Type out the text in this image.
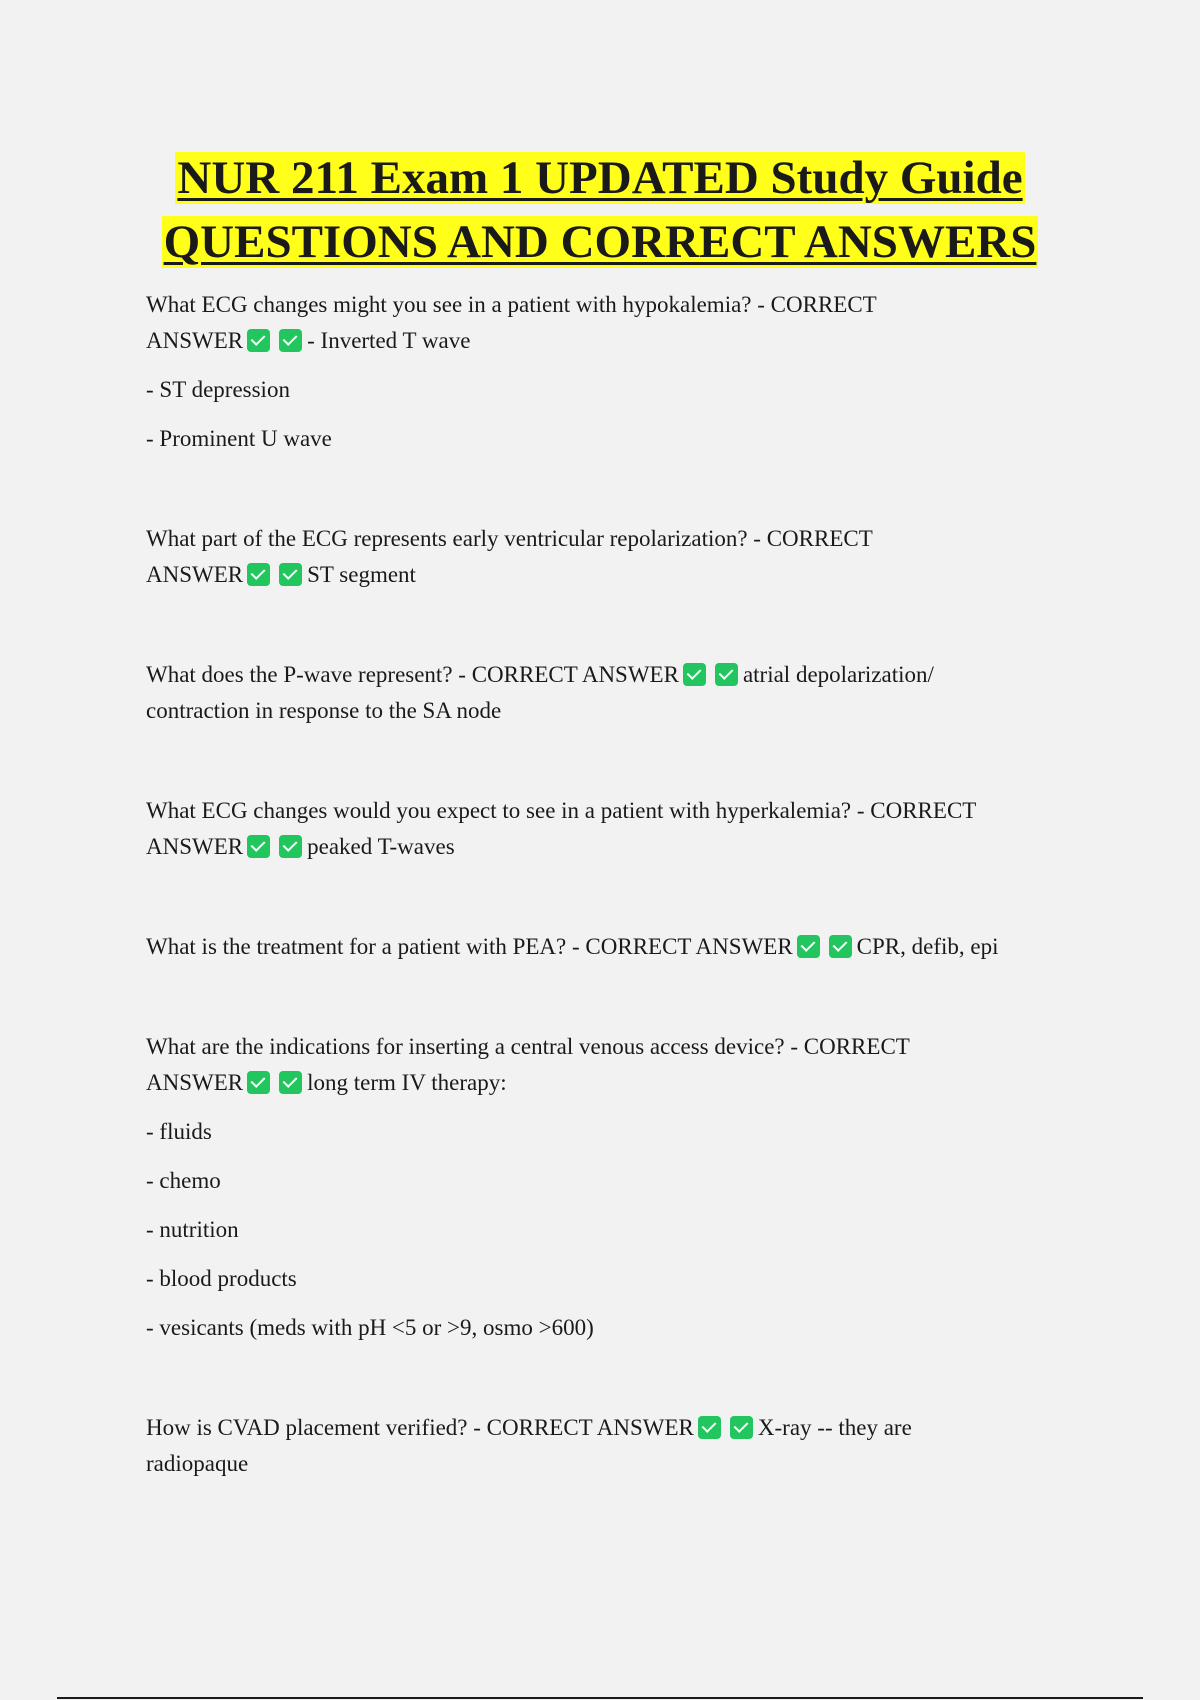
NUR 211 Exam 1 UPDATED Study Guide
QUESTIONS AND CORRECT ANSWERS

What ECG changes might you see in a patient with hypokalemia? - CORRECT
ANSWER	- Inverted T wave

- ST depression

- Prominent U wave

What part of the ECG represents early ventricular repolarization? - CORRECT
ANSWER	ST segment

What does the P-wave represent? - CORRECT ANSWER	atrial depolarization/
contraction in response to the SA node

What ECG changes would you expect to see in a patient with hyperkalemia? - CORRECT
ANSWER	peaked T-waves

What is the treatment for a patient with PEA? - CORRECT ANSWER	CPR, defib, epi

What are the indications for inserting a central venous access device? - CORRECT
ANSWER	long term IV therapy:

- fluids

- chemo

- nutrition

- blood products

- vesicants (meds with pH <5 or >9, osmo >600)

How is CVAD placement verified? - CORRECT ANSWER	X-ray -- they are
radiopaque
